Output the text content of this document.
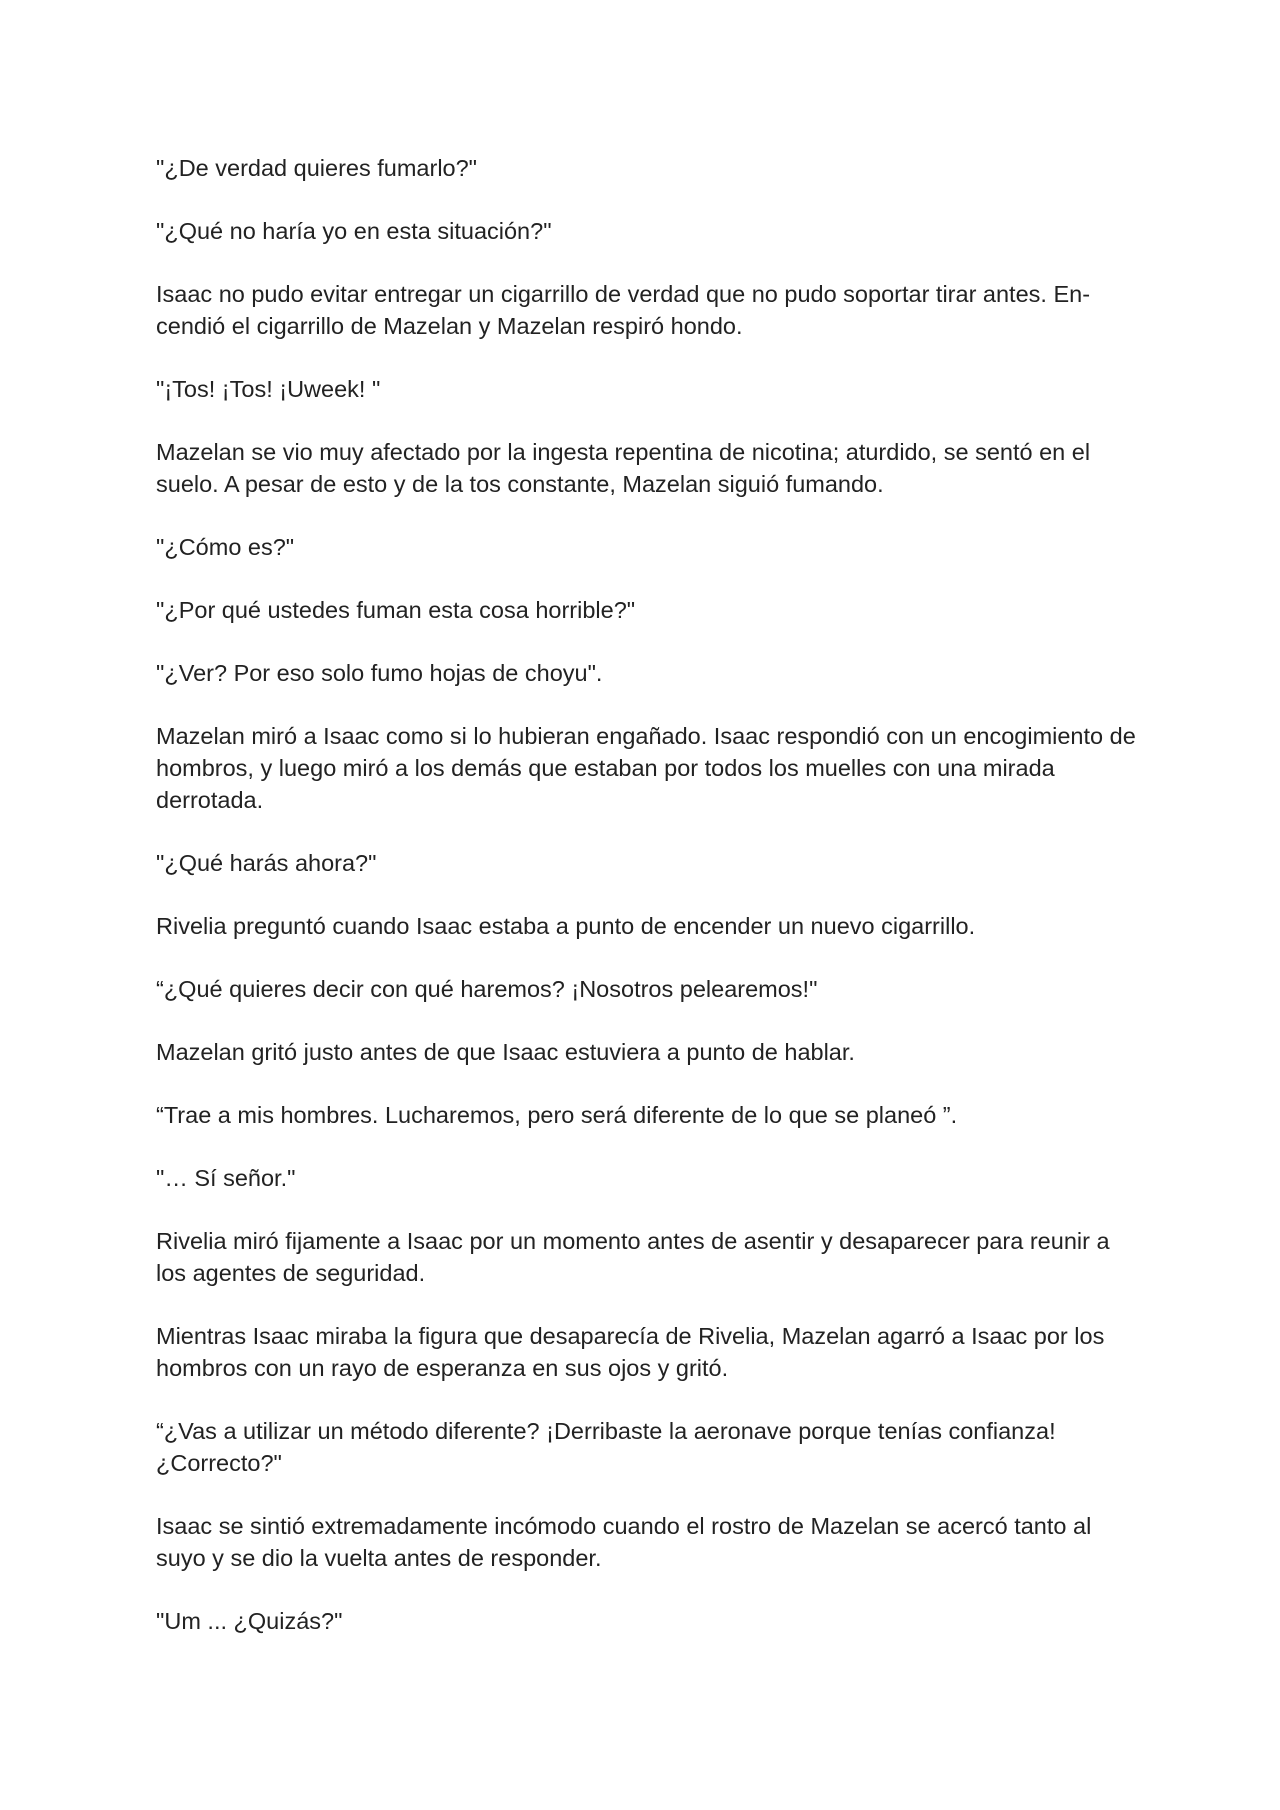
"¿De verdad quieres fumarlo?"

"¿Qué no haría yo en esta situación?"

Isaac no pudo evitar entregar un cigarrillo de verdad que no pudo soportar tirar antes. En-cendió el cigarrillo de Mazelan y Mazelan respiró hondo.

"¡Tos! ¡Tos! ¡Uweek! "

Mazelan se vio muy afectado por la ingesta repentina de nicotina; aturdido, se sentó en el suelo. A pesar de esto y de la tos constante, Mazelan siguió fumando.

"¿Cómo es?"

"¿Por qué ustedes fuman esta cosa horrible?"

"¿Ver? Por eso solo fumo hojas de choyu".

Mazelan miró a Isaac como si lo hubieran engañado. Isaac respondió con un encogimiento de hombros, y luego miró a los demás que estaban por todos los muelles con una mirada derrotada.

"¿Qué harás ahora?"

Rivelia preguntó cuando Isaac estaba a punto de encender un nuevo cigarrillo.

“¿Qué quieres decir con qué haremos? ¡Nosotros pelearemos!"

Mazelan gritó justo antes de que Isaac estuviera a punto de hablar.

“Trae a mis hombres. Lucharemos, pero será diferente de lo que se planeó ”.

"… Sí señor."

Rivelia miró fijamente a Isaac por un momento antes de asentir y desaparecer para reunir a los agentes de seguridad.

Mientras Isaac miraba la figura que desaparecía de Rivelia, Mazelan agarró a Isaac por los hombros con un rayo de esperanza en sus ojos y gritó.

“¿Vas a utilizar un método diferente? ¡Derribaste la aeronave porque tenías confianza! ¿Correcto?"

Isaac se sintió extremadamente incómodo cuando el rostro de Mazelan se acercó tanto al suyo y se dio la vuelta antes de responder.

"Um ... ¿Quizás?"
